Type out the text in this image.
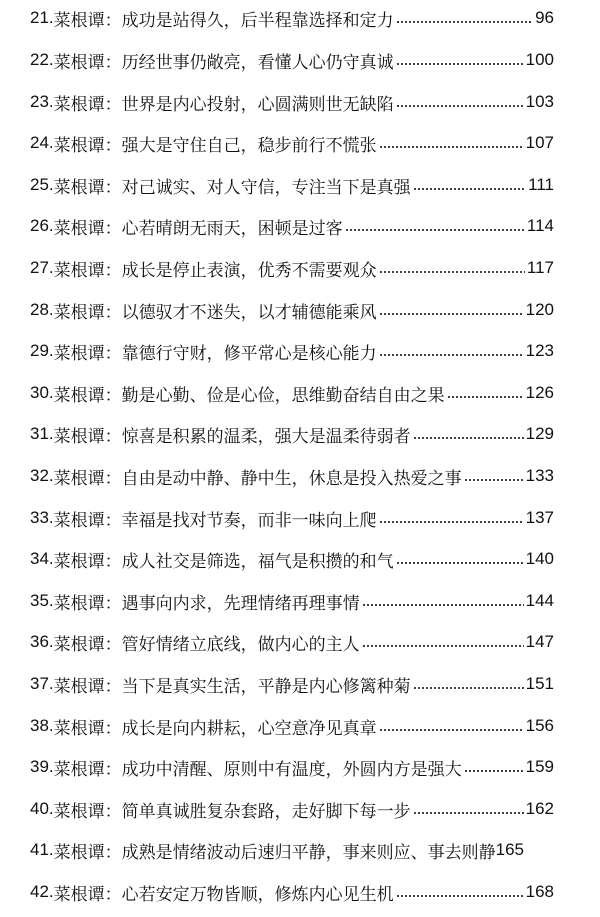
21. 菜根谭：成功是站得久，后半程靠选择和定力	96
22. 菜根谭：历经世事仍敞亮，看懂人心仍守真诚	100
23. 菜根谭：世界是内心投射，心圆满则世无缺陷	103
24. 菜根谭：强大是守住自己，稳步前行不慌张	107
25. 菜根谭：对己诚实、对人守信，专注当下是真强	111
26. 菜根谭：心若晴朗无雨天，困顿是过客	114
27. 菜根谭：成长是停止表演，优秀不需要观众	117
28. 菜根谭：以德驭才不迷失，以才辅德能乘风	120
29. 菜根谭：靠德行守财，修平常心是核心能力	123
30. 菜根谭：勤是心勤、俭是心俭，思维勤奋结自由之果	126
31. 菜根谭：惊喜是积累的温柔，强大是温柔待弱者	129
32. 菜根谭：自由是动中静、静中生，休息是投入热爱之事	133
33. 菜根谭：幸福是找对节奏，而非一味向上爬	137
34. 菜根谭：成人社交是筛选，福气是积攒的和气	140
35. 菜根谭：遇事向内求，先理情绪再理事情	144
36. 菜根谭：管好情绪立底线，做内心的主人	147
37. 菜根谭：当下是真实生活，平静是内心修篱种菊	151
38. 菜根谭：成长是向内耕耘，心空意净见真章	156
39. 菜根谭：成功中清醒、原则中有温度，外圆内方是强大	159
40. 菜根谭：简单真诚胜复杂套路，走好脚下每一步	162
41. 菜根谭：成熟是情绪波动后速归平静，事来则应、事去则静 165
42. 菜根谭：心若安定万物皆顺，修炼内心见生机	168
